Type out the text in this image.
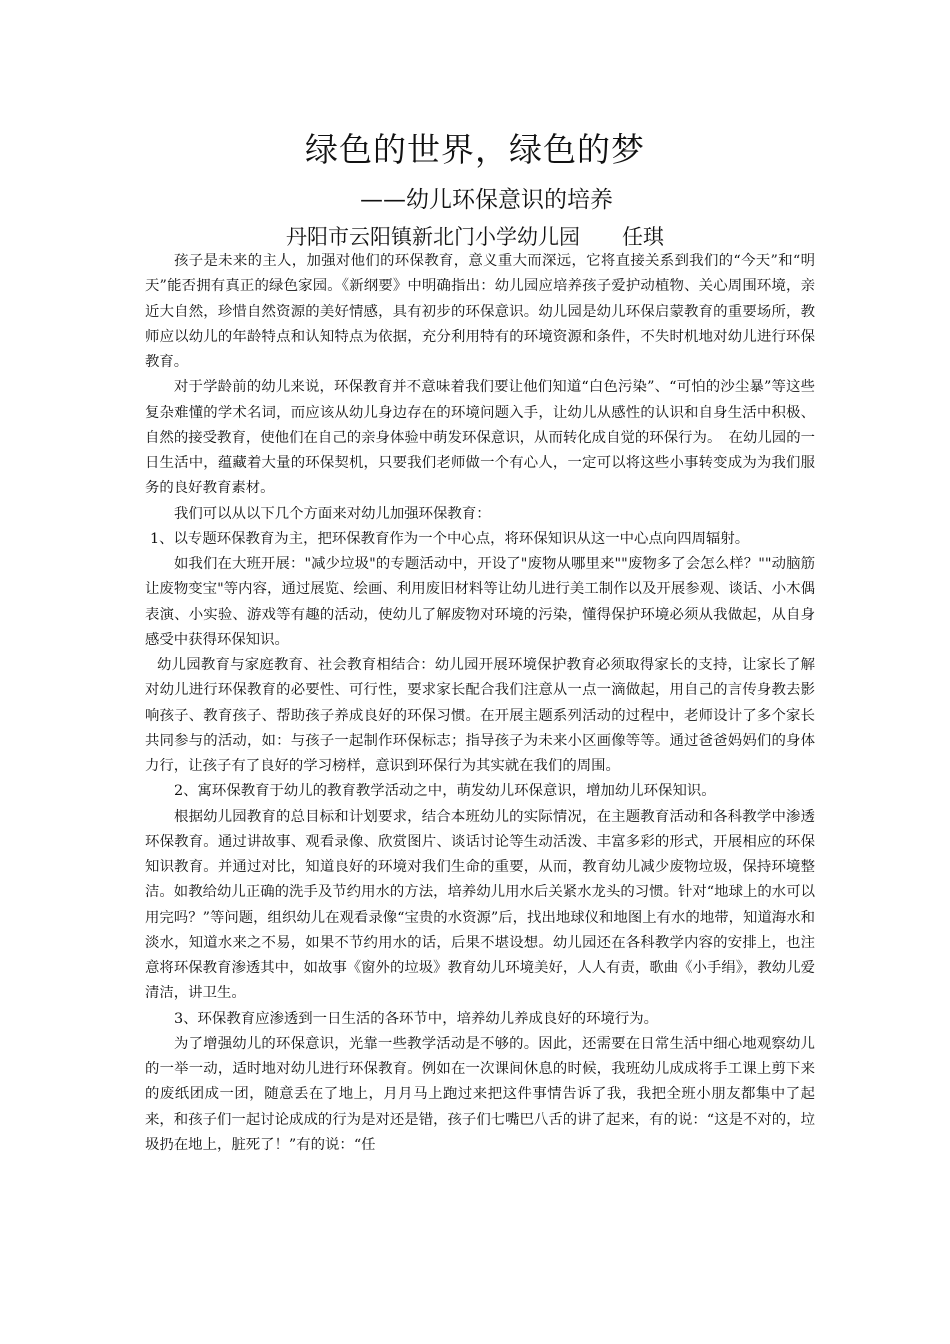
绿色的世界，绿色的梦
——幼儿环保意识的培养
丹阳市云阳镇新北门小学幼儿园　　任琪

孩子是未来的主人，加强对他们的环保教育，意义重大而深远，它将直接关系到我们的“今天”和“明天”能否拥有真正的绿色家园。《新纲要》中明确指出：幼儿园应培养孩子爱护动植物、关心周围环境，亲近大自然，珍惜自然资源的美好情感，具有初步的环保意识。幼儿园是幼儿环保启蒙教育的重要场所，教师应以幼儿的年龄特点和认知特点为依据，充分利用特有的环境资源和条件，不失时机地对幼儿进行环保教育。

对于学龄前的幼儿来说，环保教育并不意味着我们要让他们知道“白色污染”、“可怕的沙尘暴”等这些复杂难懂的学术名词，而应该从幼儿身边存在的环境问题入手，让幼儿从感性的认识和自身生活中积极、自然的接受教育，使他们在自己的亲身体验中萌发环保意识，从而转化成自觉的环保行为。　在幼儿园的一日生活中，蕴藏着大量的环保契机，只要我们老师做一个有心人，一定可以将这些小事转变成为为我们服务的良好教育素材。

我们可以从以下几个方面来对幼儿加强环保教育：

1、以专题环保教育为主，把环保教育作为一个中心点，将环保知识从这一中心点向四周辐射。

如我们在大班开展："减少垃圾"的专题活动中，开设了"废物从哪里来""废物多了会怎么样？""动脑筋让废物变宝"等内容，通过展览、绘画、利用废旧材料等让幼儿进行美工制作以及开展参观、谈话、小木偶表演、小实验、游戏等有趣的活动，使幼儿了解废物对环境的污染，懂得保护环境必须从我做起，从自身感受中获得环保知识。

幼儿园教育与家庭教育、社会教育相结合：幼儿园开展环境保护教育必须取得家长的支持，让家长了解对幼儿进行环保教育的必要性、可行性，要求家长配合我们注意从一点一滴做起，用自己的言传身教去影响孩子、教育孩子、帮助孩子养成良好的环保习惯。在开展主题系列活动的过程中，老师设计了多个家长共同参与的活动，如：与孩子一起制作环保标志；指导孩子为未来小区画像等等。通过爸爸妈妈们的身体力行，让孩子有了良好的学习榜样，意识到环保行为其实就在我们的周围。

2、寓环保教育于幼儿的教育教学活动之中，萌发幼儿环保意识，增加幼儿环保知识。

根据幼儿园教育的总目标和计划要求，结合本班幼儿的实际情况，在主题教育活动和各科教学中渗透环保教育。通过讲故事、观看录像、欣赏图片、谈话讨论等生动活泼、丰富多彩的形式，开展相应的环保知识教育。并通过对比，知道良好的环境对我们生命的重要，从而，教育幼儿减少废物垃圾，保持环境整洁。如教给幼儿正确的洗手及节约用水的方法，培养幼儿用水后关紧水龙头的习惯。针对“地球上的水可以用完吗？”等问题，组织幼儿在观看录像“宝贵的水资源”后，找出地球仪和地图上有水的地带，知道海水和淡水，知道水来之不易，如果不节约用水的话，后果不堪设想。幼儿园还在各科教学内容的安排上，也注意将环保教育渗透其中，如故事《窗外的垃圾》教育幼儿环境美好，人人有责，歌曲《小手绢》，教幼儿爱清洁，讲卫生。

3、环保教育应渗透到一日生活的各环节中，培养幼儿养成良好的环境行为。

为了增强幼儿的环保意识，光靠一些教学活动是不够的。因此，还需要在日常生活中细心地观察幼儿的一举一动，适时地对幼儿进行环保教育。例如在一次课间休息的时候，我班幼儿成成将手工课上剪下来的废纸团成一团，随意丢在了地上，月月马上跑过来把这件事情告诉了我，我把全班小朋友都集中了起来，和孩子们一起讨论成成的行为是对还是错，孩子们七嘴巴八舌的讲了起来，有的说：“这是不对的，垃圾扔在地上，脏死了！”有的说：“任
